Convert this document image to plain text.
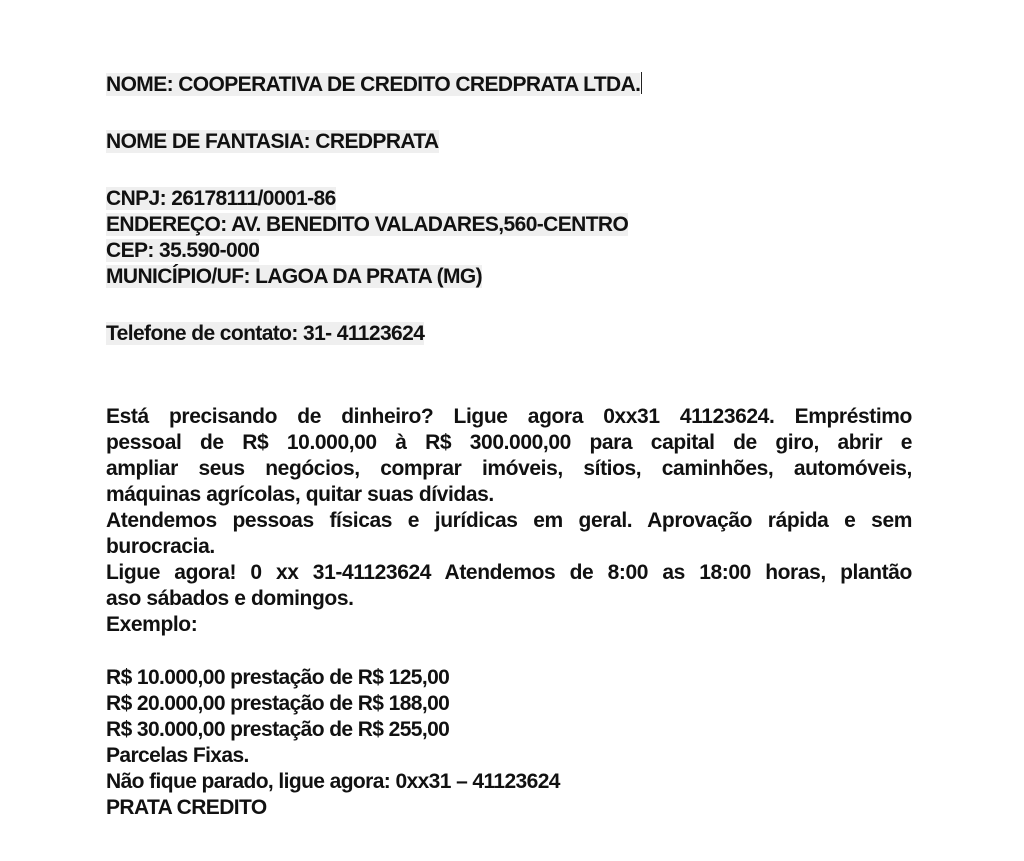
NOME: COOPERATIVA DE CREDITO CREDPRATA LTDA.
NOME DE FANTASIA: CREDPRATA
CNPJ: 26178111/0001-86
ENDEREÇO: AV. BENEDITO VALADARES,560-CENTRO
CEP: 35.590-000
MUNICÍPIO/UF: LAGOA DA PRATA (MG)
Telefone de contato: 31- 41123624
Está precisando de dinheiro? Ligue agora 0xx31 41123624. Empréstimo
pessoal de R$ 10.000,00 à R$ 300.000,00 para capital de giro, abrir e
ampliar seus negócios, comprar imóveis, sítios, caminhões, automóveis,
máquinas agrícolas, quitar suas dívidas.
Atendemos pessoas físicas e jurídicas em geral. Aprovação rápida e sem
burocracia.
Ligue agora! 0 xx 31-41123624 Atendemos de 8:00 as 18:00 horas, plantão
aso sábados e domingos.
Exemplo:
R$ 10.000,00 prestação de R$ 125,00
R$ 20.000,00 prestação de R$ 188,00
R$ 30.000,00 prestação de R$ 255,00
Parcelas Fixas.
Não fique parado, ligue agora: 0xx31 – 41123624
PRATA CREDITO
